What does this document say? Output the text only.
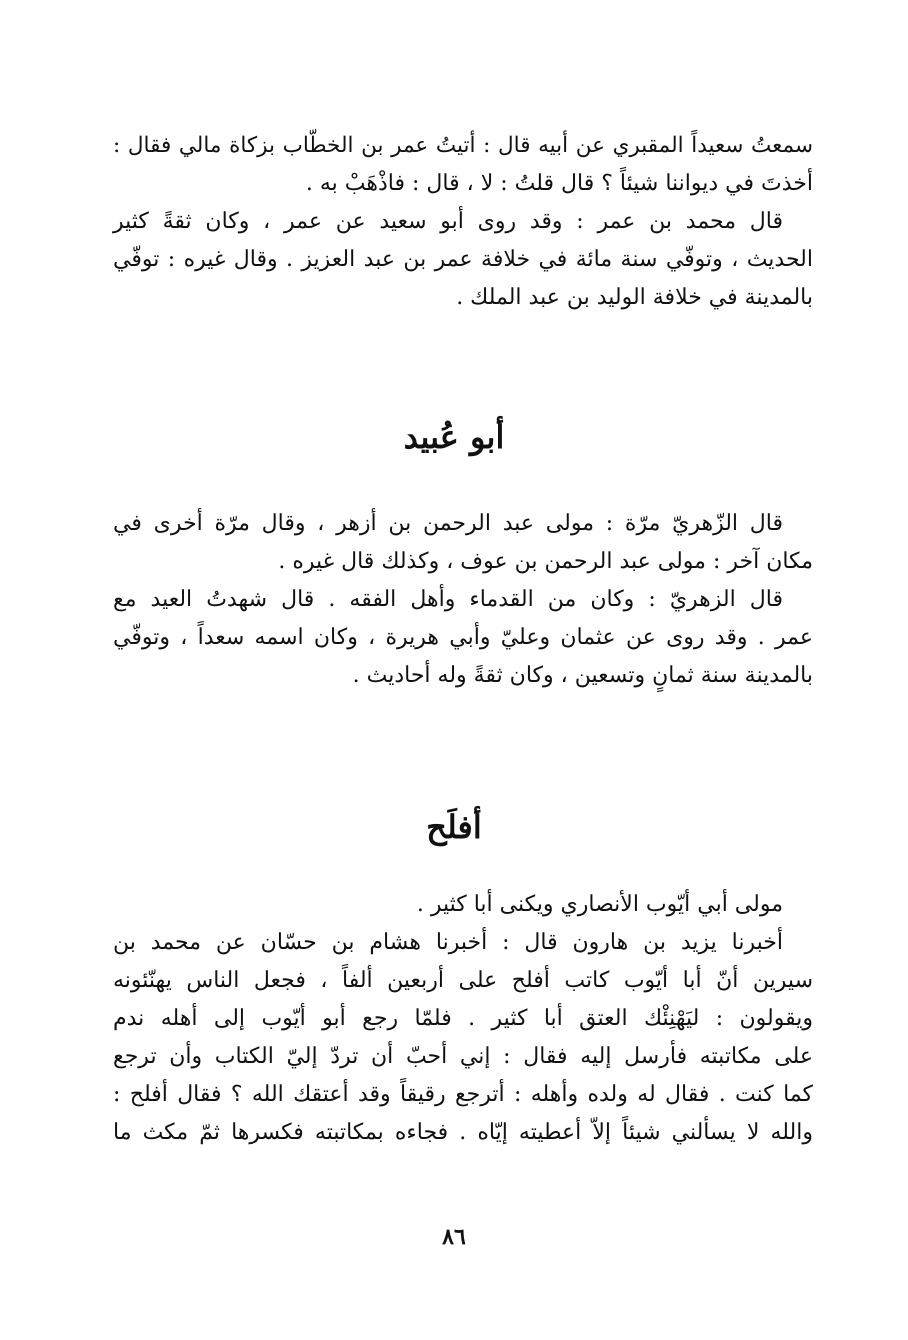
سمعتُ سعيداً المقبري عن أبيه قال : أتيتُ عمر بن الخطّاب بزكاة مالي فقال :
أخذتَ في ديواننا شيئاً ؟ قال قلتُ : لا ، قال : فاذْهَبْ به .
قال محمد بن عمر : وقد روى أبو سعيد عن عمر ، وكان ثقةً كثير
الحديث ، وتوفّي سنة مائة في خلافة عمر بن عبد العزيز . وقال غيره : توفّي
بالمدينة في خلافة الوليد بن عبد الملك .
أبو عُبيد
قال الزّهريّ مرّة : مولى عبد الرحمن بن أزهر ، وقال مرّة أخرى في
مكان آخر : مولى عبد الرحمن بن عوف ، وكذلك قال غيره .
قال الزهريّ : وكان من القدماء وأهل الفقه . قال شهدتُ العيد مع
عمر . وقد روى عن عثمان وعليّ وأبي هريرة ، وكان اسمه سعداً ، وتوفّي
بالمدينة سنة ثمانٍ وتسعين ، وكان ثقةً وله أحاديث .
أفلَح
مولى أبي أيّوب الأنصاري ويكنى أبا كثير .
أخبرنا يزيد بن هارون قال : أخبرنا هشام بن حسّان عن محمد بن
سيرين أنّ أبا أيّوب كاتب أفلح على أربعين ألفاً ، فجعل الناس يهنّئونه
ويقولون : ليَهْنِئْك العتق أبا كثير . فلمّا رجع أبو أيّوب إلى أهله ندم
على مكاتبته فأرسل إليه فقال : إني أحبّ أن تردّ إليّ الكتاب وأن ترجع
كما كنت . فقال له ولده وأهله : أترجع رقيقاً وقد أعتقك الله ؟ فقال أفلح :
والله لا يسألني شيئاً إلاّ أعطيته إيّاه . فجاءه بمكاتبته فكسرها ثمّ مكث ما
٨٦
